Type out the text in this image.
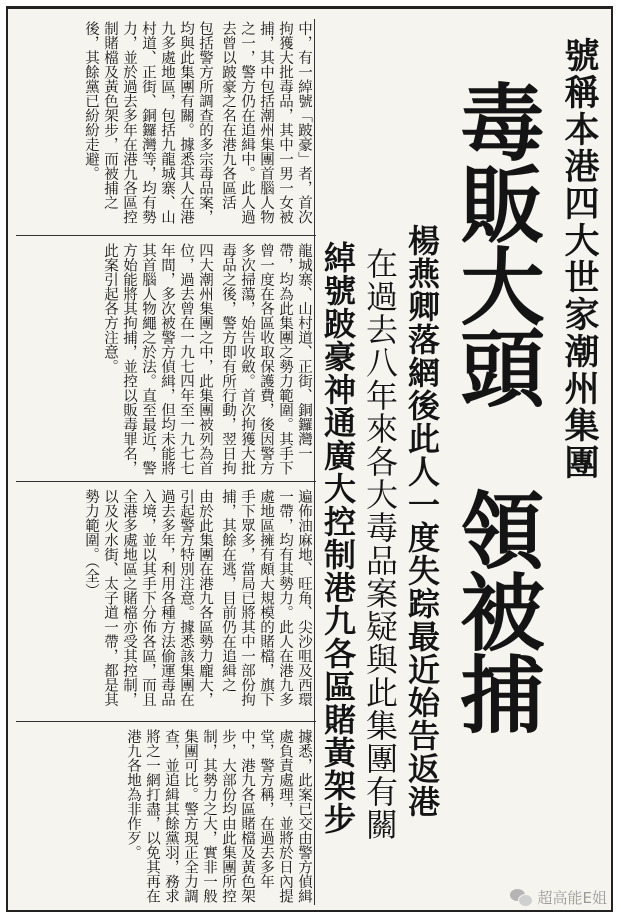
號稱本港四大世家潮州集團
毒販大頭
領被捕
楊燕卿落網後此人一度失踪最近始告返港
在過去八年來各大毒品案疑與此集團有關
綽號跛豪神通廣大控制港九各區賭黃架步
中，有一綽號「跛豪」者，首次拘獲大批毒品，其中一男一女被捕，其中包括潮州集團首腦人物之一，警方仍在追緝中。此人過去曾以跛豪之名在港九各區活
包括警方所調查的多宗毒品案，均與此集團有關。據悉其人在港九多處地區，包括九龍城寨、山村道、正街、銅鑼灣等，均有勢力，並於過去多年在港九各區控制賭檔及黃色架步，而被捕之後，其餘黨已紛紛走避。
龍城寨、山村道、正街、銅鑼灣一帶，均為此集團之勢力範圍。其手下曾一度在各區收取保護費，後因警方多次掃蕩，始告收斂。首次拘獲大批毒品之後，警方即有所行動，翌日拘
四大潮州集團之中，此集團被列為首位，過去曾在一九七四年至一九七七年間，多次被警方偵緝，但均未能將其首腦人物繩之於法。直至最近，警方始能將其拘捕，並控以販毒罪名，此案引起各方注意。
遍佈油麻地、旺角、尖沙咀及西環一帶，均有其勢力。此人在港九多處地區擁有頗大規模的賭檔，旗下手下眾多，當局已將其中一部份拘捕，其餘在逃，目前仍在追緝之
由於此集團在港九各區勢力龐大，引起警方特別注意。據悉該集團在過去多年，利用各種方法偷運毒品入境，並以其手下分佈各區，而且全港多處地區之賭檔亦受其控制，以及火水街、太子道一帶，都是其勢力範圍。（全）
據悉，此案已交由警方偵緝處負責處理，並將於日內提堂，警方稱，在過去多年中，港九各區賭檔及黃色架步，大部份均由此集團所控制，其勢力之大，實非一般集團可比。警方現正全力調查，並追緝其餘黨羽，務求將之一網打盡，以免其再在港九各地為非作歹。
超高能E姐
